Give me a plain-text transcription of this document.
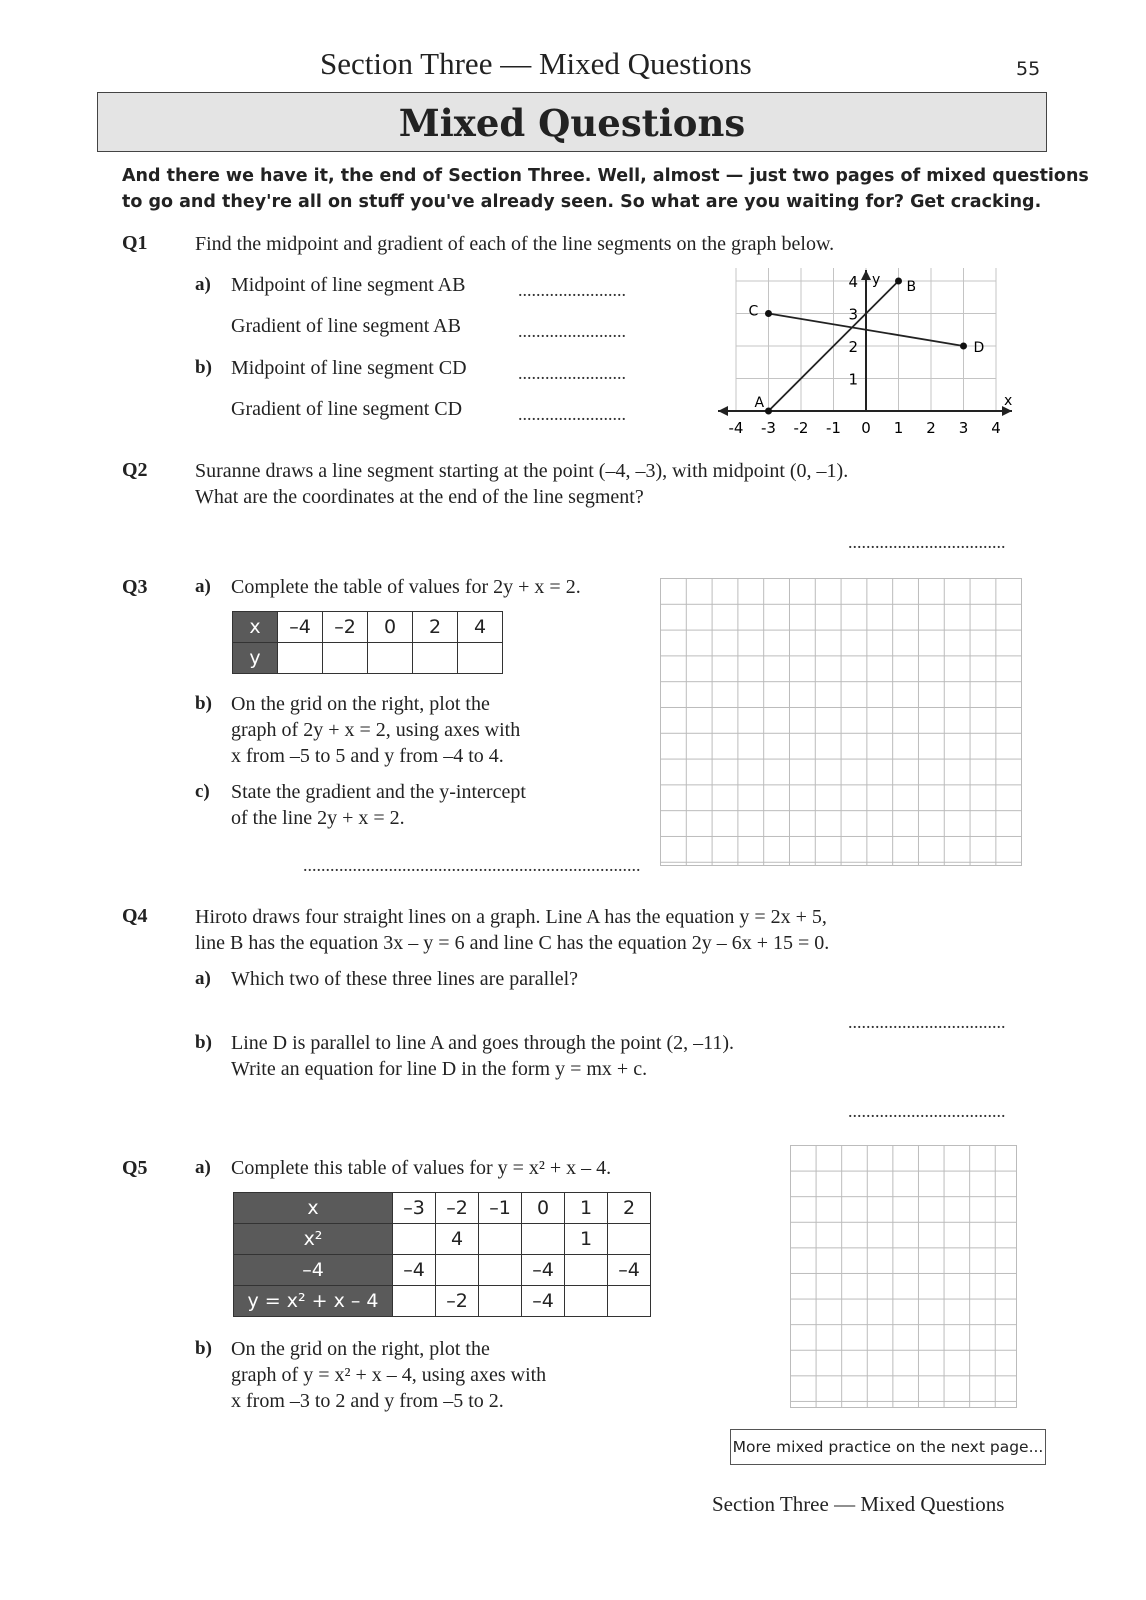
Section Three — Mixed Questions	55
Mixed Questions
And there we have it, the end of Section Three. Well, almost — just two pages of mixed questions
to go and they're all on stuff you've already seen. So what are you waiting for? Get cracking.
Q1 Find the midpoint and gradient of each of the line segments on the graph below.
a) Midpoint of line segment AB	........................
Gradient of line segment AB	........................
b) Midpoint of line segment CD	........................
Gradient of line segment CD	........................
A
B
C
D
-4 -3 -2 -1 0 1 2 3 4
1
2
3
4
x
y
Q2 Suranne draws a line segment starting at the point (–4, –3), with midpoint (0, –1).
What are the coordinates at the end of the line segment?
...................................
Q3 a) Complete the table of values for 2y + x = 2.
x	–4	–2	0	2	4
y					
b) On the grid on the right, plot the
graph of 2y + x = 2, using axes with
x from –5 to 5 and y from –4 to 4.
c) State the gradient and the y-intercept
of the line 2y + x = 2.
...........................................................................
Q4 Hiroto draws four straight lines on a graph. Line A has the equation y = 2x + 5,
line B has the equation 3x – y = 6 and line C has the equation 2y – 6x + 15 = 0.
a) Which two of these three lines are parallel?
...................................
b) Line D is parallel to line A and goes through the point (2, –11).
Write an equation for line D in the form y = mx + c.
...................................
Q5 a) Complete this table of values for y = x² + x – 4.
x	–3	–2	–1	0	1	2
x²		4			1	
–4	–4			–4		–4
y = x² + x – 4		–2		–4		
b) On the grid on the right, plot the
graph of y = x² + x – 4, using axes with
x from –3 to 2 and y from –5 to 2.
More mixed practice on the next page...
Section Three — Mixed Questions
